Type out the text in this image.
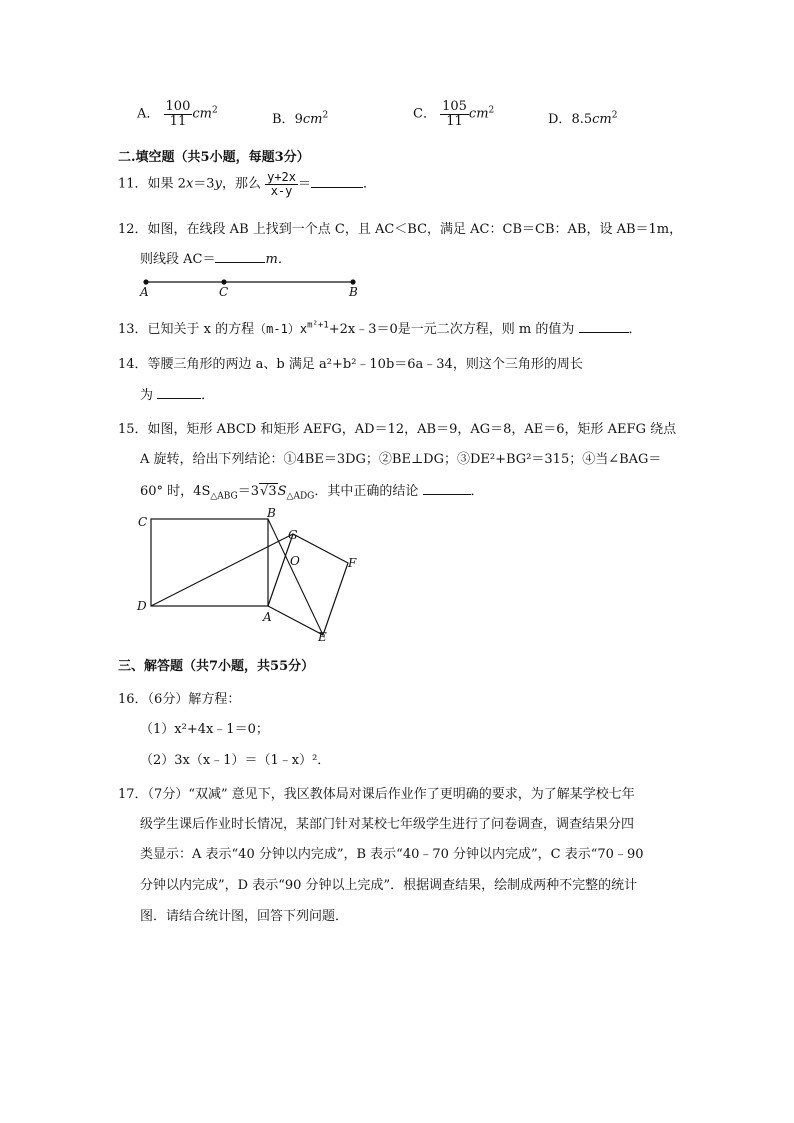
A． $\frac{100}{11} cm^2$
B．$9cm^2$	C． $\frac{105}{11} cm^2$
D．$8.5cm^2$
二.填空题（共5小题，每题3分）
11．如果 2x＝3y，那么 $\frac{y+2x}{x-y}$ ＝	．
12．如图，在线段 AB 上找到一个点 C，且 AC＜BC，满足 AC：CB＝CB：AB，设 AB＝1m，
则线段 AC＝	m．
A	C	B
13．已知关于 x 的方程$(m-1)x^{m^2+1}+2x﹣3=0$是一元二次方程，则 m 的值为	．
14．等腰三角形的两边 a、b 满足 a²+b²﹣10b＝6a﹣34，则这个三角形的周长
为	．
15．如图，矩形 ABCD 和矩形 AEFG，AD＝12，AB＝9，AG＝8，AE＝6，矩形 AEFG 绕点
A 旋转，给出下列结论：①4BE＝3DG；②BE⊥DG；③DE²+BG²＝315；④当∠BAG＝
60° 时，$4S_{\triangle ABG}=3√3S_{\triangle ADG}$．其中正确的结论	．
C
B
G
O	F
D
A
E
三、解答题（共7小题，共55分）
16．（6分）解方程：
（1）x²+4x﹣1＝0；
（2）3x（x﹣1）＝（1﹣x）²．
17．（7分）“双减” 意见下，我区教体局对课后作业作了更明确的要求，为了解某学校七年
级学生课后作业时长情况，某部门针对某校七年级学生进行了问卷调查，调查结果分四
类显示：A 表示“40 分钟以内完成”，B 表示“40﹣70 分钟以内完成”，C 表示“70﹣90
分钟以内完成”，D 表示“90 分钟以上完成”．根据调查结果，绘制成两种不完整的统计
图．请结合统计图，回答下列问题．
